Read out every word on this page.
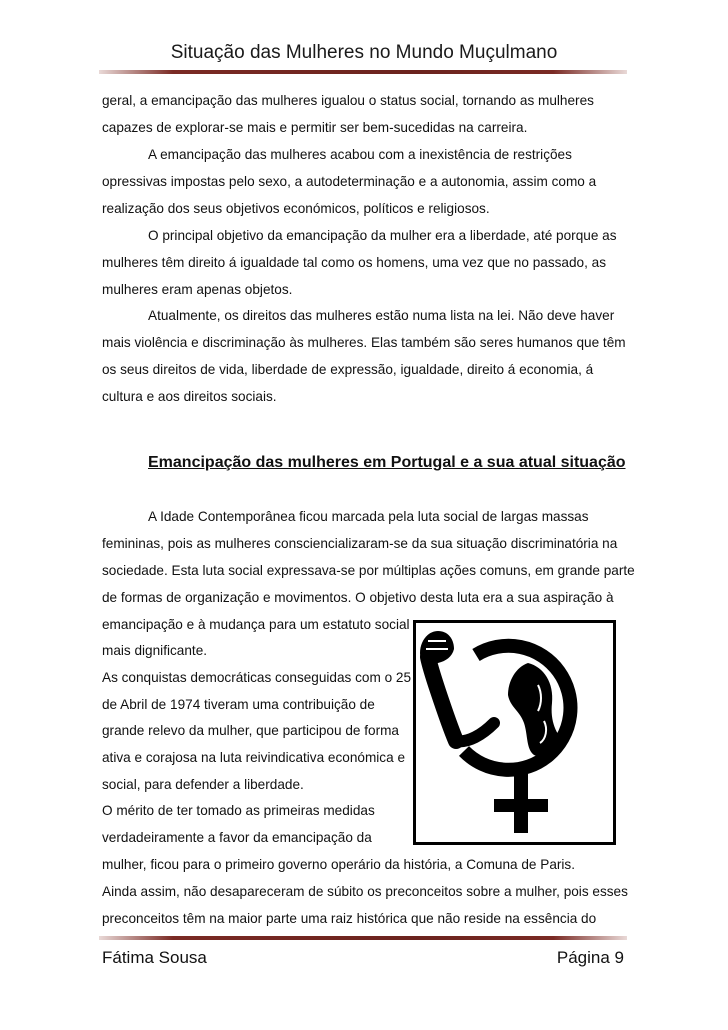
Situação das Mulheres no Mundo Muçulmano
geral, a emancipação das mulheres igualou o status social, tornando as mulheres
capazes de explorar-se mais e permitir ser bem-sucedidas na carreira.
A emancipação das mulheres acabou com a inexistência de restrições
opressivas impostas pelo sexo, a autodeterminação e a autonomia, assim como a
realização dos seus objetivos económicos, políticos e religiosos.
O principal objetivo da emancipação da mulher era a liberdade, até porque as
mulheres têm direito á igualdade tal como os homens, uma vez que no passado, as
mulheres eram apenas objetos.
Atualmente, os direitos das mulheres estão numa lista na lei. Não deve haver
mais violência e discriminação às mulheres. Elas também são seres humanos que têm
os seus direitos de vida, liberdade de expressão, igualdade, direito á economia, á
cultura e aos direitos sociais.
Emancipação das mulheres em Portugal e a sua atual situação
A Idade Contemporânea ficou marcada pela luta social de largas massas
femininas, pois as mulheres consciencializaram-se da sua situação discriminatória na
sociedade. Esta luta social expressava-se por múltiplas ações comuns, em grande parte
de formas de organização e movimentos. O objetivo desta luta era a sua aspiração à
emancipação e à mudança para um estatuto social
mais dignificante.
As conquistas democráticas conseguidas com o 25
de Abril de 1974 tiveram uma contribuição de
grande relevo da mulher, que participou de forma
ativa e corajosa na luta reivindicativa económica e
social, para defender a liberdade.
O mérito de ter tomado as primeiras medidas
verdadeiramente a favor da emancipação da
mulher, ficou para o primeiro governo operário da história, a Comuna de Paris.
Ainda assim, não desapareceram de súbito os preconceitos sobre a mulher, pois esses
preconceitos têm na maior parte uma raiz histórica que não reside na essência do
Fátima Sousa	Página 9
